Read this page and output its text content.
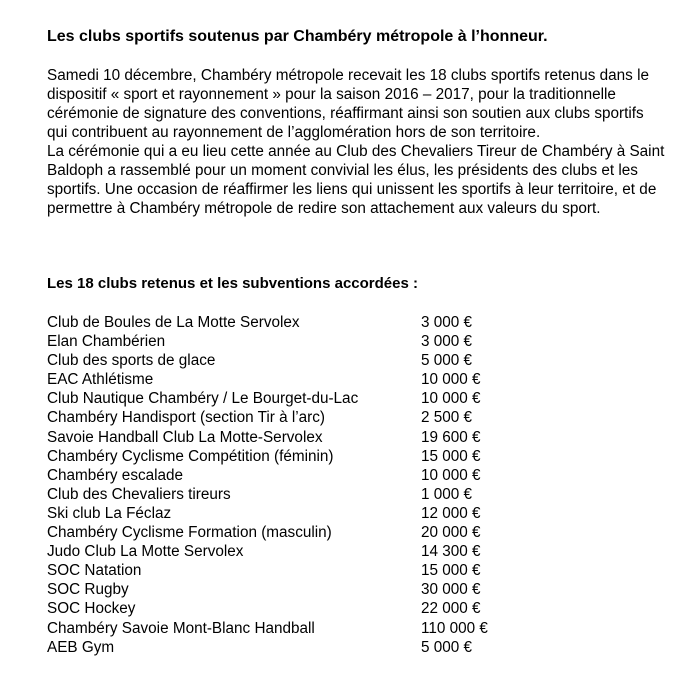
Les clubs sportifs soutenus par Chambéry métropole à l’honneur.

Samedi 10 décembre, Chambéry métropole recevait les 18 clubs sportifs retenus dans le dispositif « sport et rayonnement » pour la saison 2016 – 2017, pour la traditionnelle cérémonie de signature des conventions, réaffirmant ainsi son soutien aux clubs sportifs qui contribuent au rayonnement de l’agglomération hors de son territoire.

La cérémonie qui a eu lieu cette année au Club des Chevaliers Tireur de Chambéry à Saint Baldoph a rassemblé pour un moment convivial les élus, les présidents des clubs et les sportifs. Une occasion de réaffirmer les liens qui unissent les sportifs à leur territoire, et de permettre à Chambéry métropole de redire son attachement aux valeurs du sport.

Les 18 clubs retenus et les subventions accordées :
Club de Boules de La Motte Servolex	3 000 €
Elan Chambérien	3 000 €
Club des sports de glace	5 000 €
EAC Athlétisme	10 000 €
Club Nautique Chambéry / Le Bourget-du-Lac	10 000 €
Chambéry Handisport (section Tir à l’arc)	2 500 €
Savoie Handball Club La Motte-Servolex	19 600 €
Chambéry Cyclisme Compétition (féminin)	15 000 €
Chambéry escalade	10 000 €
Club des Chevaliers tireurs	1 000 €
Ski club La Féclaz	12 000 €
Chambéry Cyclisme Formation (masculin)	20 000 €
Judo Club La Motte Servolex	14 300 €
SOC Natation	15 000 €
SOC Rugby	30 000 €
SOC Hockey	22 000 €
Chambéry Savoie Mont-Blanc Handball	110 000 €
AEB Gym	5 000 €
